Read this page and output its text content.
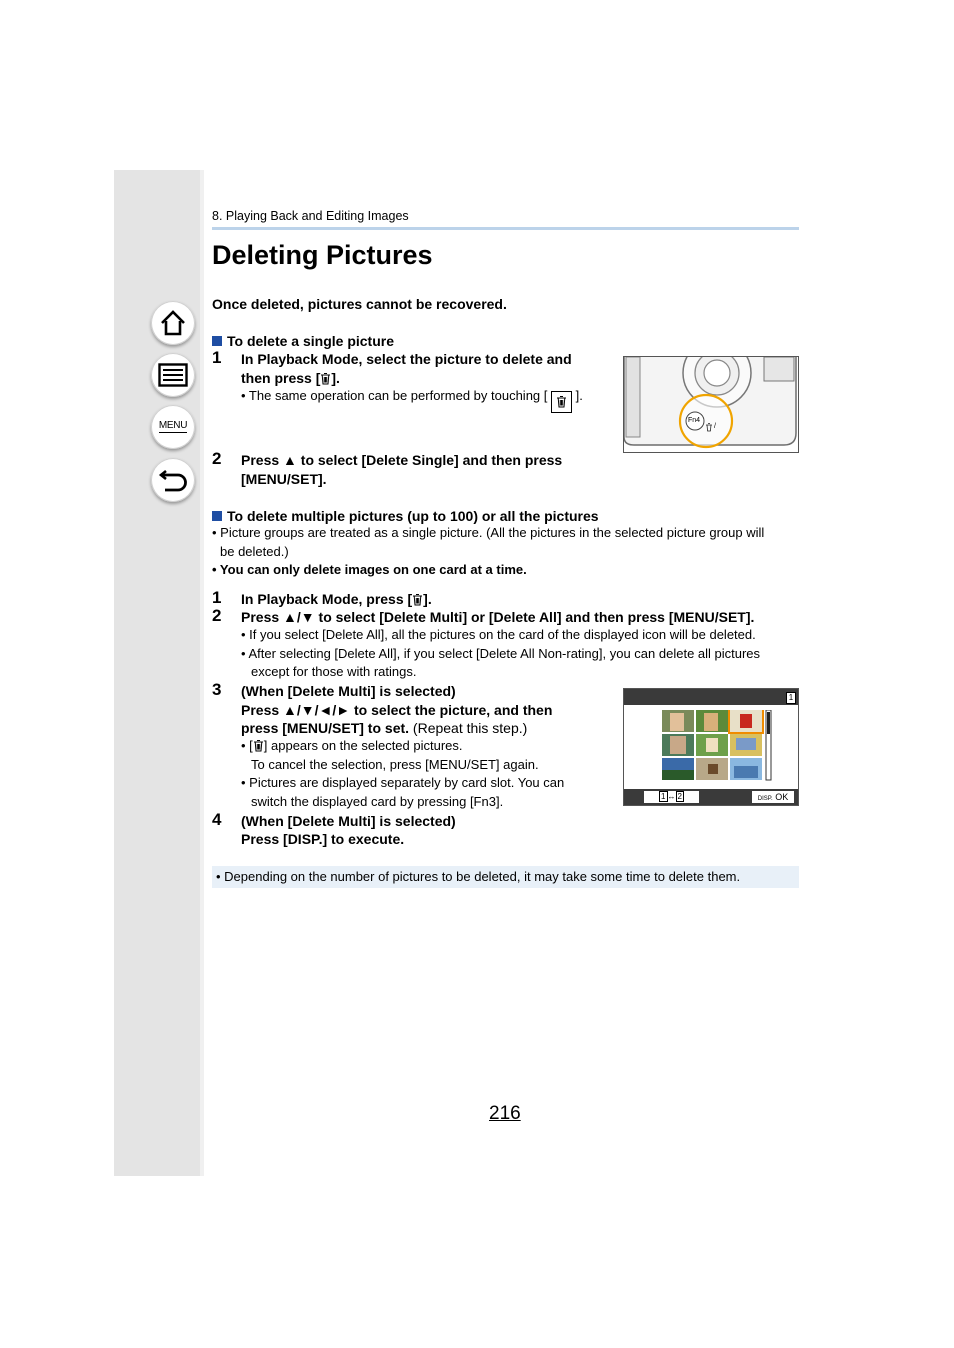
MENU
8. Playing Back and Editing Images
Deleting Pictures
Once deleted, pictures cannot be recovered.
To delete a single picture
1 In Playback Mode, select the picture to delete and
then press [ ].
• The same operation can be performed by touching [ ].
2 Press ▲ to select [Delete Single] and then press
[MENU/SET].
Fn4
/
To delete multiple pictures (up to 100) or all the pictures
• Picture groups are treated as a single picture. (All the pictures in the selected picture group will
be deleted.)
• You can only delete images on one card at a time.
1 In Playback Mode, press [ ].
2 Press ▲/▼ to select [Delete Multi] or [Delete All] and then press [MENU/SET].
• If you select [Delete All], all the pictures on the card of the displayed icon will be deleted.
• After selecting [Delete All], if you select [Delete All Non-rating], you can delete all pictures
except for those with ratings.
3 (When [Delete Multi] is selected)
Press ▲/▼/◄/► to select the picture, and then
press [MENU/SET] to set. (Repeat this step.)
• [ ] appears on the selected pictures.
To cancel the selection, press [MENU/SET] again.
• Pictures are displayed separately by card slot. You can
switch the displayed card by pressing [Fn3].
4 (When [Delete Multi] is selected)
Press [DISP.] to execute.
1
1 ↔ 2	DISP. OK
• Depending on the number of pictures to be deleted, it may take some time to delete them.
216
